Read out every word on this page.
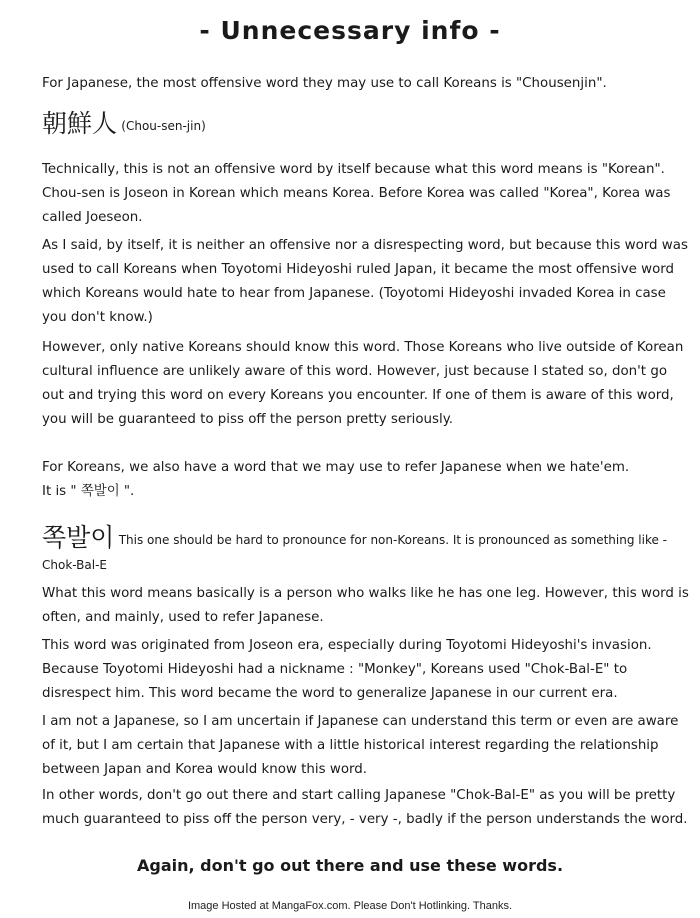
- Unnecessary info -

For Japanese, the most offensive word they may use to call Koreans is "Chousenjin".

朝鮮人 (Chou-sen-jin)

Technically, this is not an offensive word by itself because what this word means is "Korean". Chou-sen is Joseon in Korean which means Korea. Before Korea was called "Korea", Korea was called Joeseon.

As I said, by itself, it is neither an offensive nor a disrespecting word, but because this word was used to call Koreans when Toyotomi Hideyoshi ruled Japan, it became the most offensive word which Koreans would hate to hear from Japanese. (Toyotomi Hideyoshi invaded Korea in case you don't know.)

However, only native Koreans should know this word. Those Koreans who live outside of Korean cultural influence are unlikely aware of this word. However, just because I stated so, don't go out and trying this word on every Koreans you encounter. If one of them is aware of this word, you will be guaranteed to piss off the person pretty seriously.

For Koreans, we also have a word that we may use to refer Japanese when we hate'em.
It is " 쪽발이 ".

쪽발이 This one should be hard to pronounce for non-Koreans. It is pronounced as something like - Chok-Bal-E

What this word means basically is a person who walks like he has one leg. However, this word is often, and mainly, used to refer Japanese.

This word was originated from Joseon era, especially during Toyotomi Hideyoshi's invasion. Because Toyotomi Hideyoshi had a nickname : "Monkey", Koreans used "Chok-Bal-E" to disrespect him. This word became the word to generalize Japanese in our current era.

I am not a Japanese, so I am uncertain if Japanese can understand this term or even are aware of it, but I am certain that Japanese with a little historical interest regarding the relationship between Japan and Korea would know this word.

In other words, don't go out there and start calling Japanese "Chok-Bal-E" as you will be pretty much guaranteed to piss off the person very, - very -, badly if the person understands the word.

Again, don't go out there and use these words.
Image Hosted at MangaFox.com. Please Don't Hotlinking. Thanks.
